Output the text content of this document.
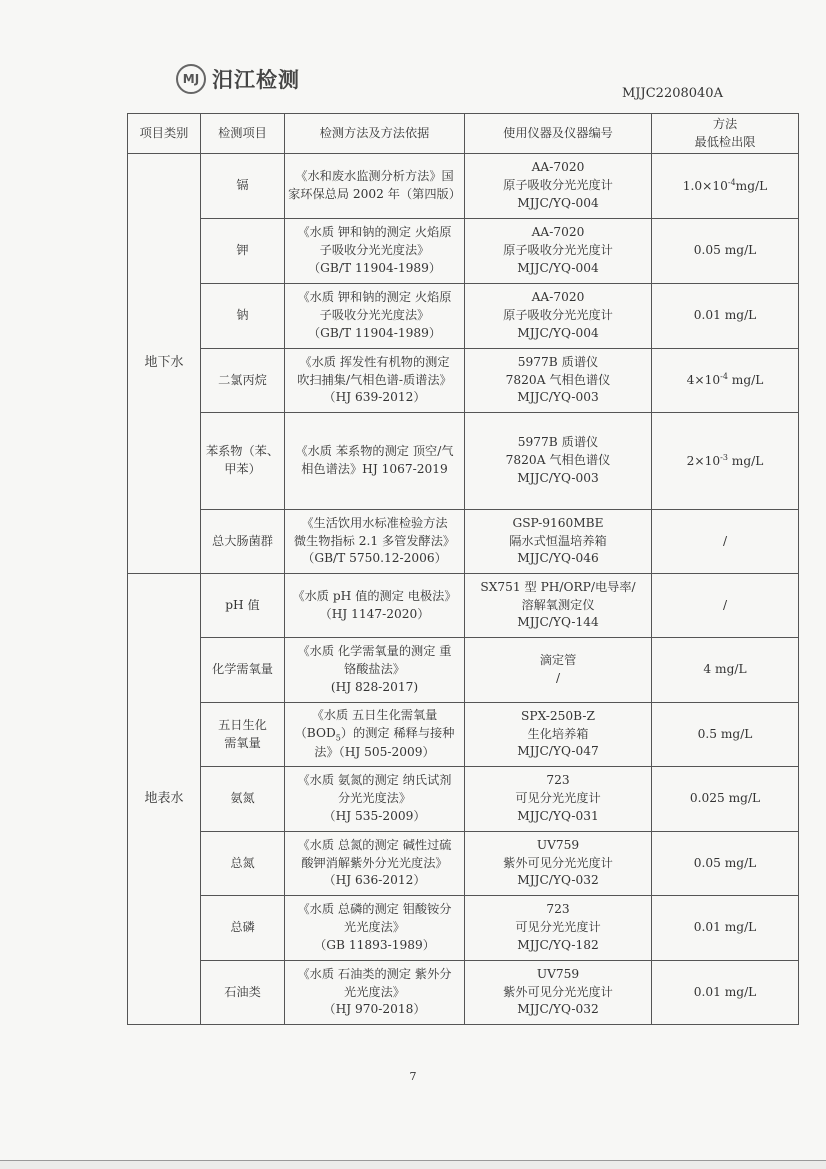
MJ 汨江检测
MJJC2208040A
项目类别	检测项目	检测方法及方法依据	使用仪器及仪器编号	方法
最低检出限

地下水	镉	《水和废水监测分析方法》国
家环保总局 2002 年（第四版）	AA-7020
原子吸收分光光度计
MJJC/YQ-004	$1.0\times 10^{-4}mg/L$
	钾	《水质 钾和钠的测定 火焰原
子吸收分光光度法》
（GB/T 11904-1989）	AA-7020
原子吸收分光光度计
MJJC/YQ-004	0.05 mg/L
	钠	《水质 钾和钠的测定 火焰原
子吸收分光光度法》
（GB/T 11904-1989）	AA-7020
原子吸收分光光度计
MJJC/YQ-004	0.01 mg/L
	二氯丙烷	《水质 挥发性有机物的测定
吹扫捕集/气相色谱-质谱法》
（HJ 639-2012）	5977B 质谱仪
7820A 气相色谱仪
MJJC/YQ-003	$4\times 10^{-4}$ mg/L

	苯系物（苯、
甲苯）	《水质 苯系物的测定 顶空/气
相色谱法》HJ 1067-2019	5977B 质谱仪
7820A 气相色谱仪
MJJC/YQ-003	$2\times 10^{-3}$ mg/L
	总大肠菌群	《生活饮用水标准检验方法
微生物指标 2.1 多管发酵法》
（GB/T 5750.12-2006）	GSP-9160MBE
隔水式恒温培养箱
MJJC/YQ-046	/
地表水	pH 值	《水质 pH 值的测定 电极法》
（HJ 1147-2020）	SX751 型 PH/ORP/电导率/
溶解氧测定仪
MJJC/YQ-144	/
	化学需氧量	《水质 化学需氧量的测定 重
铬酸盐法》
(HJ 828-2017)	滴定管
/	4 mg/L

	五日生化
需氧量	《水质 五日生化需氧量
$(BOD_5)$的测定 稀释与接种
法》（HJ 505-2009）	SPX-250B-Z
生化培养箱
MJJC/YQ-047	0.5 mg/L
	氨氮	《水质 氨氮的测定 纳氏试剂
分光光度法》
（HJ 535-2009）	723
可见分光光度计
MJJC/YQ-031	0.025 mg/L
	总氮	《水质 总氮的测定 碱性过硫
酸钾消解紫外分光光度法》
（HJ 636-2012）	UV759
紫外可见分光光度计
MJJC/YQ-032	0.05 mg/L
	总磷	《水质 总磷的测定 钼酸铵分
光光度法》
（GB 11893-1989）	723
可见分光光度计
MJJC/YQ-182	0.01 mg/L
	石油类	《水质 石油类的测定 紫外分
光光度法》
（HJ 970-2018）	UV759
紫外可见分光光度计
MJJC/YQ-032	0.01 mg/L
7
